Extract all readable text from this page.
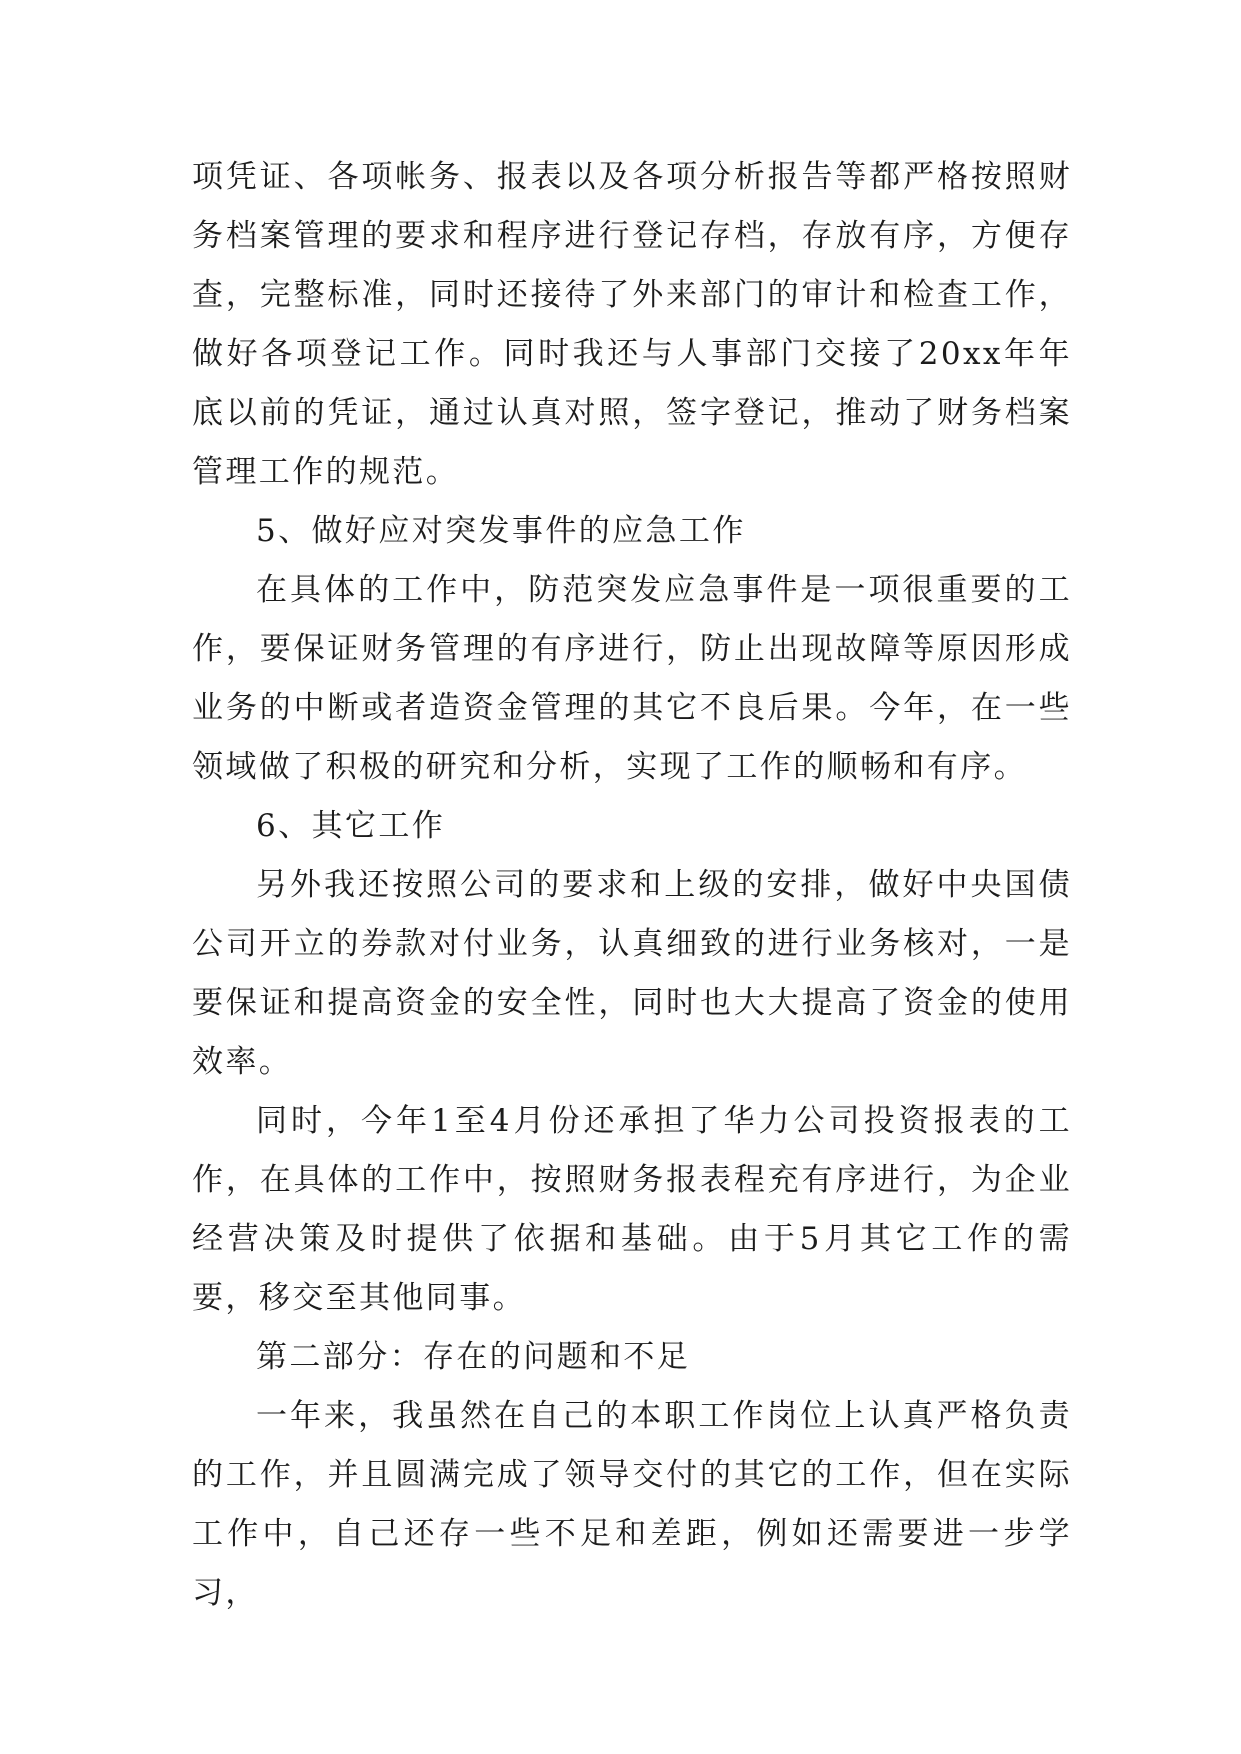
项凭证、各项帐务、报表以及各项分析报告等都严格按照财务档案管理的要求和程序进行登记存档，存放有序，方便存查，完整标准，同时还接待了外来部门的审计和检查工作，做好各项登记工作。同时我还与人事部门交接了20xx年年底以前的凭证，通过认真对照，签字登记，推动了财务档案管理工作的规范。

5、做好应对突发事件的应急工作

在具体的工作中，防范突发应急事件是一项很重要的工作，要保证财务管理的有序进行，防止出现故障等原因形成业务的中断或者造资金管理的其它不良后果。今年，在一些领域做了积极的研究和分析，实现了工作的顺畅和有序。

6、其它工作

另外我还按照公司的要求和上级的安排，做好中央国债公司开立的券款对付业务，认真细致的进行业务核对，一是要保证和提高资金的安全性，同时也大大提高了资金的使用效率。

同时，今年1至4月份还承担了华力公司投资报表的工作，在具体的工作中，按照财务报表程充有序进行，为企业经营决策及时提供了依据和基础。由于5月其它工作的需要，移交至其他同事。

第二部分：存在的问题和不足

一年来，我虽然在自己的本职工作岗位上认真严格负责的工作，并且圆满完成了领导交付的其它的工作，但在实际工作中，自己还存一些不足和差距，例如还需要进一步学习，
